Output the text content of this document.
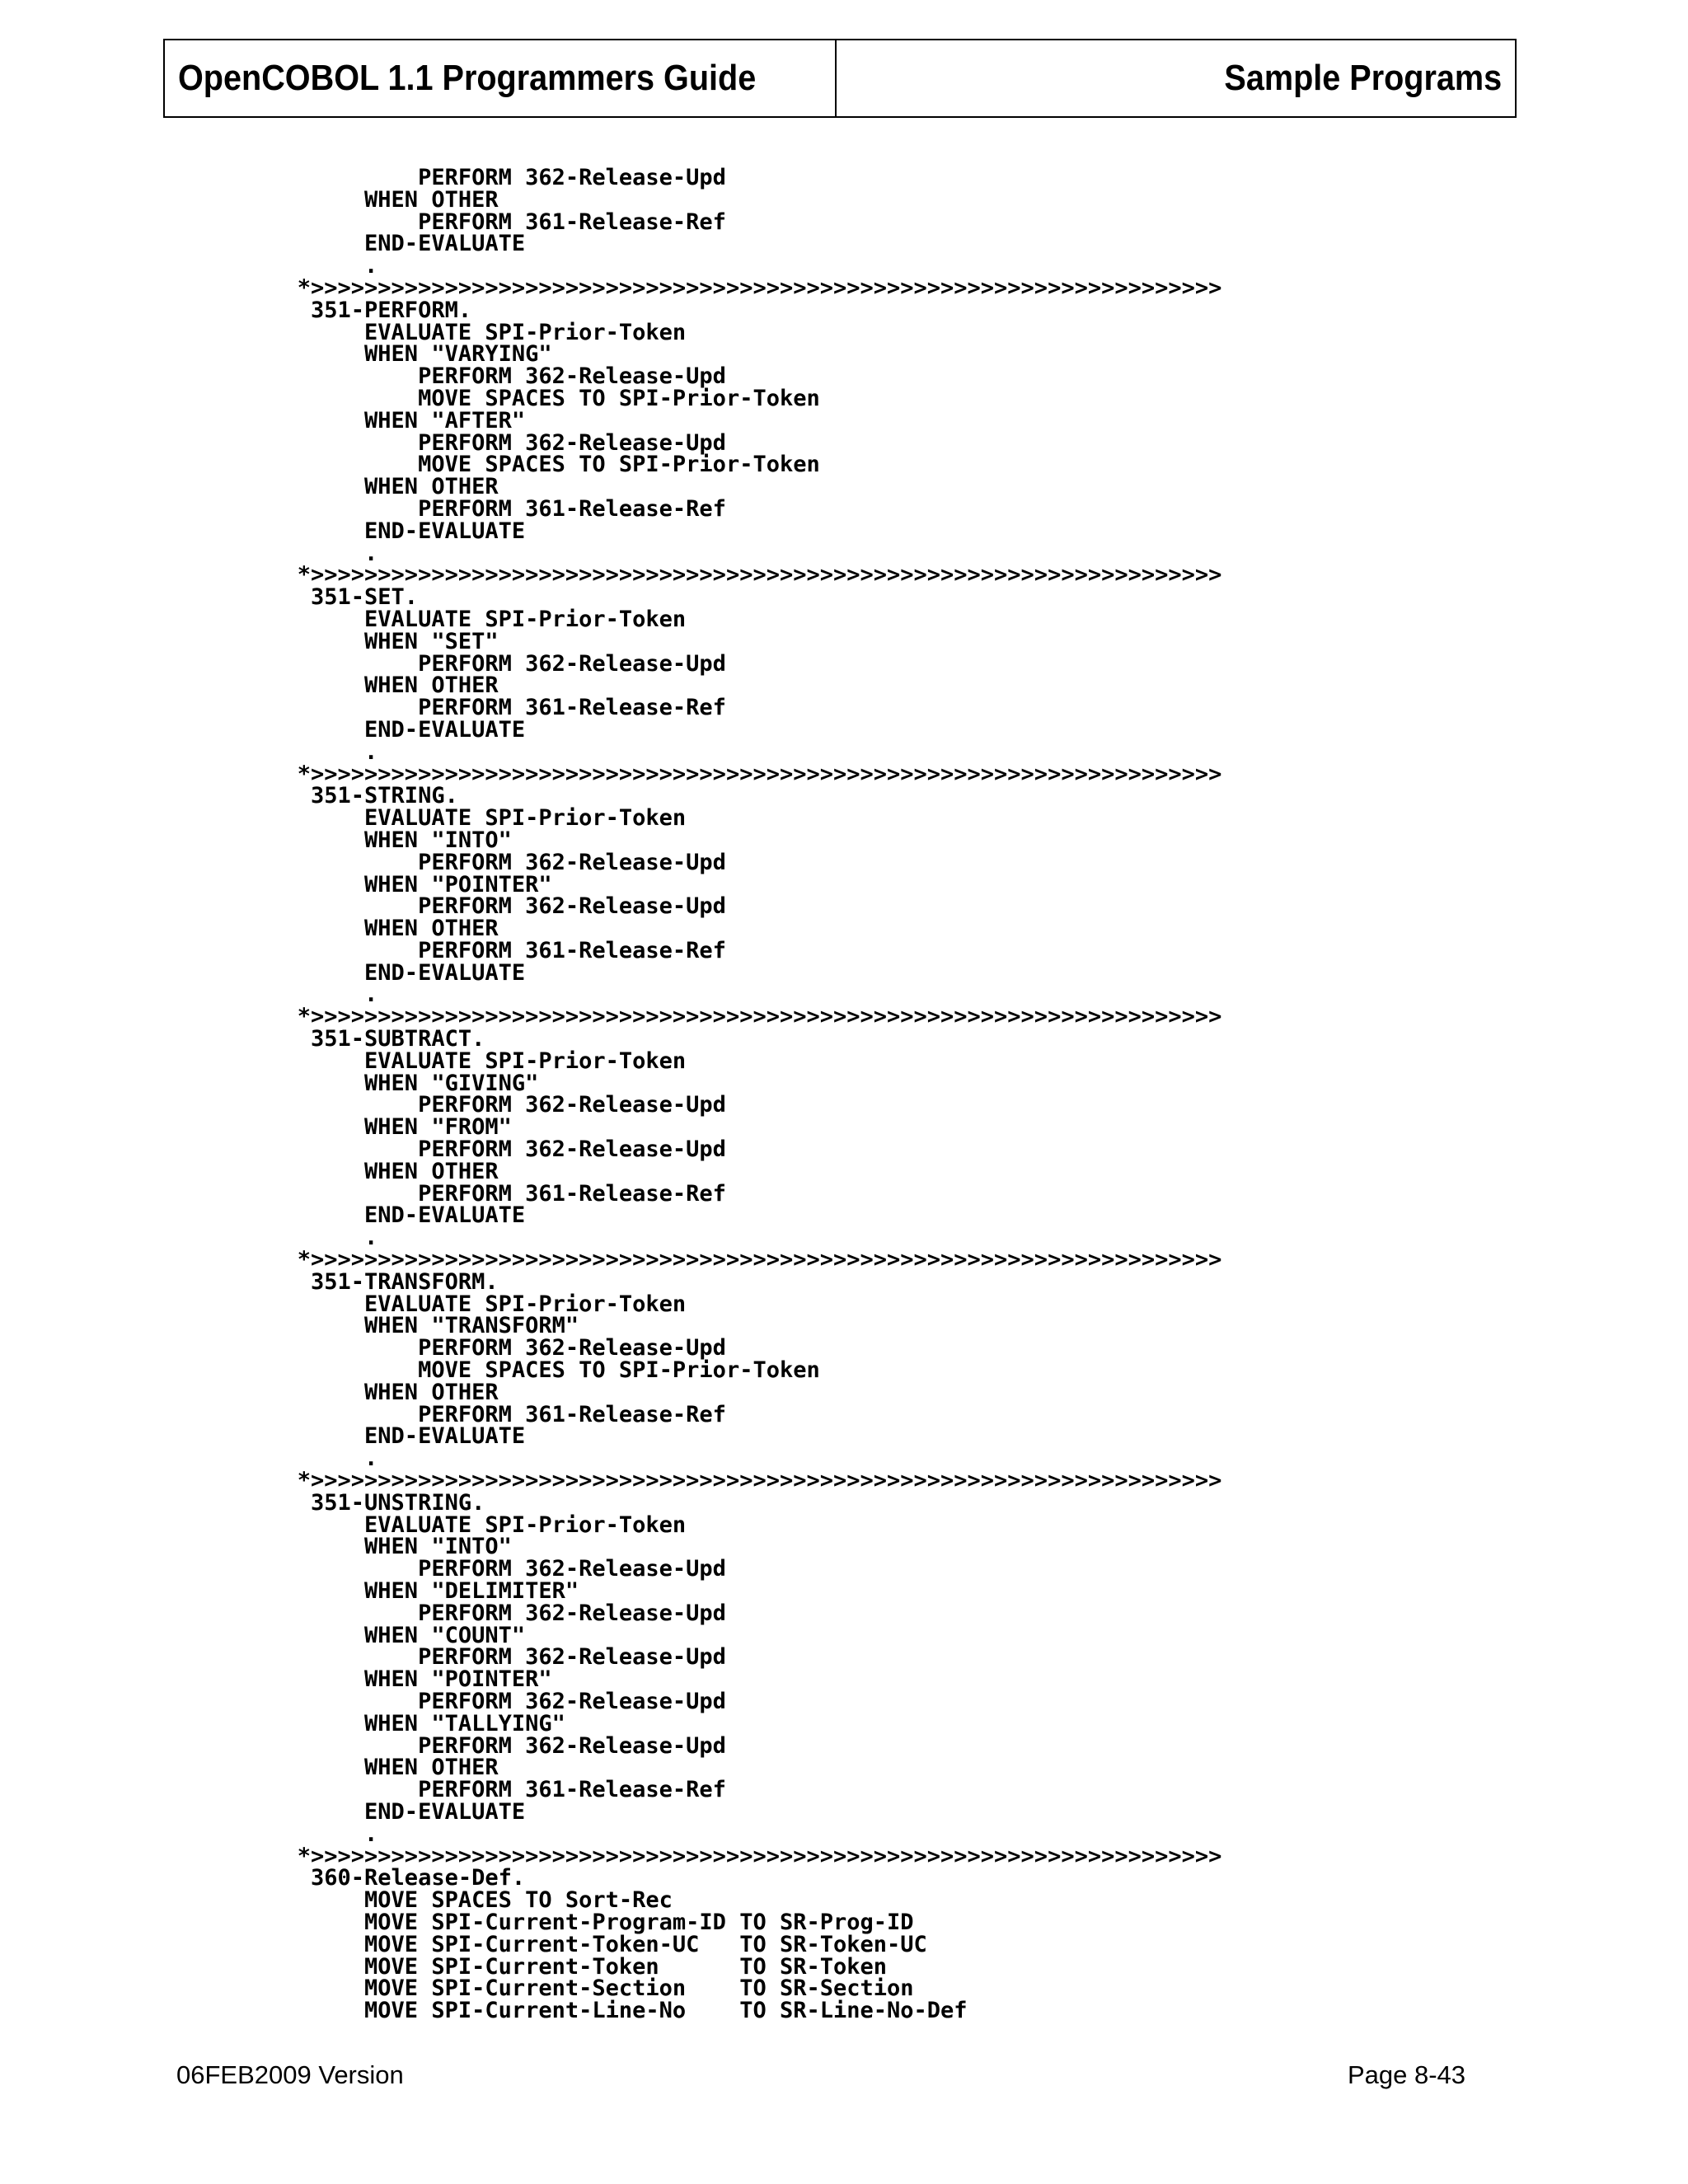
OpenCOBOL 1.1 Programmers Guide	Sample Programs
PERFORM 362-Release-Upd
WHEN OTHER
PERFORM 361-Release-Ref
END-EVALUATE
.
*>>>>>>>>>>>>>>>>>>>>>>>>>>>>>>>>>>>>>>>>>>>>>>>>>>>>>>>>>>>>>>>>>>>>
351-PERFORM.
EVALUATE SPI-Prior-Token
WHEN "VARYING"
PERFORM 362-Release-Upd
MOVE SPACES TO SPI-Prior-Token
WHEN "AFTER"
PERFORM 362-Release-Upd
MOVE SPACES TO SPI-Prior-Token
WHEN OTHER
PERFORM 361-Release-Ref
END-EVALUATE
.
*>>>>>>>>>>>>>>>>>>>>>>>>>>>>>>>>>>>>>>>>>>>>>>>>>>>>>>>>>>>>>>>>>>>>
351-SET.
EVALUATE SPI-Prior-Token
WHEN "SET"
PERFORM 362-Release-Upd
WHEN OTHER
PERFORM 361-Release-Ref
END-EVALUATE
.
*>>>>>>>>>>>>>>>>>>>>>>>>>>>>>>>>>>>>>>>>>>>>>>>>>>>>>>>>>>>>>>>>>>>>
351-STRING.
EVALUATE SPI-Prior-Token
WHEN "INTO"
PERFORM 362-Release-Upd
WHEN "POINTER"
PERFORM 362-Release-Upd
WHEN OTHER
PERFORM 361-Release-Ref
END-EVALUATE
.
*>>>>>>>>>>>>>>>>>>>>>>>>>>>>>>>>>>>>>>>>>>>>>>>>>>>>>>>>>>>>>>>>>>>>
351-SUBTRACT.
EVALUATE SPI-Prior-Token
WHEN "GIVING"
PERFORM 362-Release-Upd
WHEN "FROM"
PERFORM 362-Release-Upd
WHEN OTHER
PERFORM 361-Release-Ref
END-EVALUATE
.
*>>>>>>>>>>>>>>>>>>>>>>>>>>>>>>>>>>>>>>>>>>>>>>>>>>>>>>>>>>>>>>>>>>>>
351-TRANSFORM.
EVALUATE SPI-Prior-Token
WHEN "TRANSFORM"
PERFORM 362-Release-Upd
MOVE SPACES TO SPI-Prior-Token
WHEN OTHER
PERFORM 361-Release-Ref
END-EVALUATE
.
*>>>>>>>>>>>>>>>>>>>>>>>>>>>>>>>>>>>>>>>>>>>>>>>>>>>>>>>>>>>>>>>>>>>>
351-UNSTRING.
EVALUATE SPI-Prior-Token
WHEN "INTO"
PERFORM 362-Release-Upd
WHEN "DELIMITER"
PERFORM 362-Release-Upd
WHEN "COUNT"
PERFORM 362-Release-Upd
WHEN "POINTER"
PERFORM 362-Release-Upd
WHEN "TALLYING"
PERFORM 362-Release-Upd
WHEN OTHER
PERFORM 361-Release-Ref
END-EVALUATE
.
*>>>>>>>>>>>>>>>>>>>>>>>>>>>>>>>>>>>>>>>>>>>>>>>>>>>>>>>>>>>>>>>>>>>>
360-Release-Def.
MOVE SPACES TO Sort-Rec
MOVE SPI-Current-Program-ID TO SR-Prog-ID
MOVE SPI-Current-Token-UC   TO SR-Token-UC
MOVE SPI-Current-Token      TO SR-Token
MOVE SPI-Current-Section    TO SR-Section
MOVE SPI-Current-Line-No    TO SR-Line-No-Def
06FEB2009 Version	Page 8-43
